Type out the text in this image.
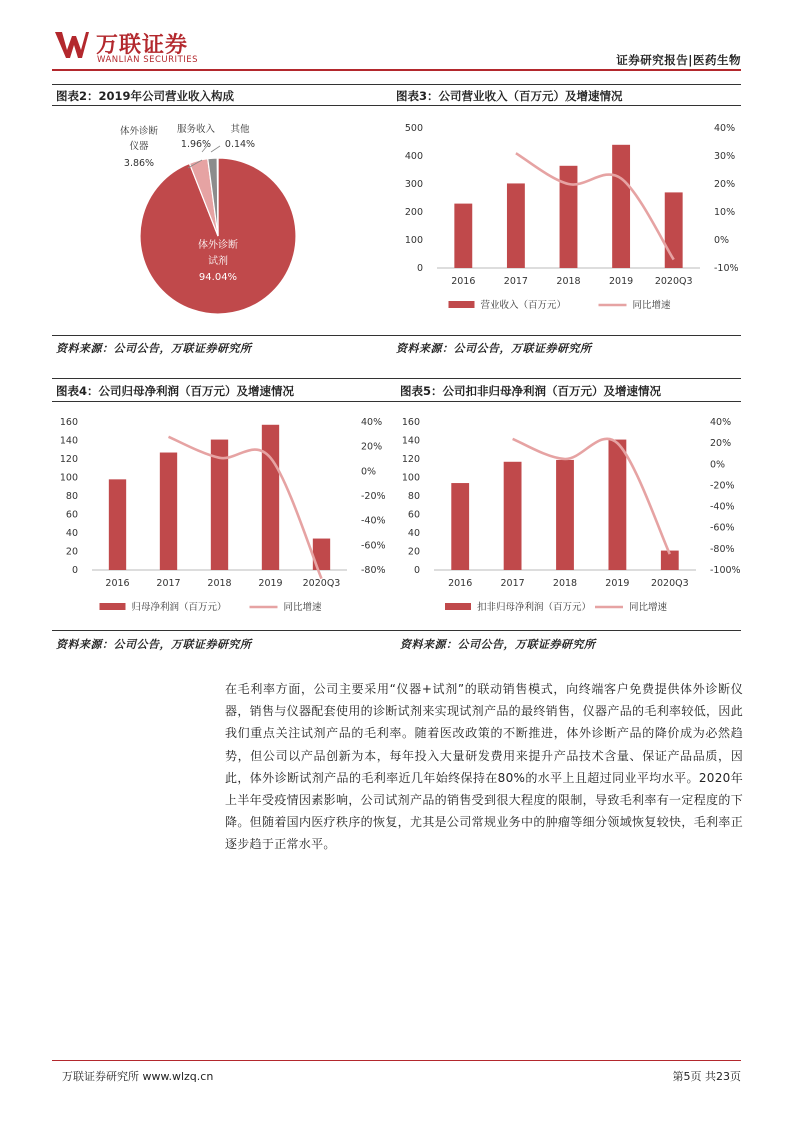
万联证券
WANLIAN SECURITIES	证券研究报告|医药生物
图表2：2019年公司营业收入构成	图表3：公司营业收入（百万元）及增速情况
体外诊断
仪器
3.86%
服务收入
1.96%
其他
0.14%
体外诊断
试剂
94.04%
0
100
200
300
400
500
-10%
0%
10%
20%
30%
40%
2016	2017	2018	2019 2020Q3
营业收入（百万元）	同比增速
资料来源：公司公告，万联证券研究所	资料来源：公司公告，万联证券研究所
图表4：公司归母净利润（百万元）及增速情况	图表5：公司扣非归母净利润（百万元）及增速情况
0
20
40
60
80
100
120
140
160
-80%
-60%
-40%
-20%
0%
20%
40%
2016	2017	2018	2019 2020Q3
归母净利润（百万元）	同比增速
0
20
40
60
80
100
120
140
160
-100%
-80%
-60%
-40%
-20%
0%
20%
40%
2016	2017	2018	2019 2020Q3
扣非归母净利润（百万元）	同比增速
资料来源：公司公告，万联证券研究所	资料来源：公司公告，万联证券研究所
在毛利率方面，公司主要采用“仪器+试剂”的联动销售模式，向终端客户免费提供体外诊断仪器，销售与仪器配套使用的诊断试剂来实现试剂产品的最终销售，仪器产品的毛利率较低，因此我们重点关注试剂产品的毛利率。随着医改政策的不断推进，体外诊断产品的降价成为必然趋势，但公司以产品创新为本，每年投入大量研发费用来提升产品技术含量、保证产品品质，因此，体外诊断试剂产品的毛利率近几年始终保持在80%的水平上且超过同业平均水平。2020年上半年受疫情因素影响，公司试剂产品的销售受到很大程度的限制，导致毛利率有一定程度的下降。但随着国内医疗秩序的恢复，尤其是公司常规业务中的肿瘤等细分领域恢复较快，毛利率正逐步趋于正常水平。
万联证券研究所 www.wlzq.cn	第5页 共23页
